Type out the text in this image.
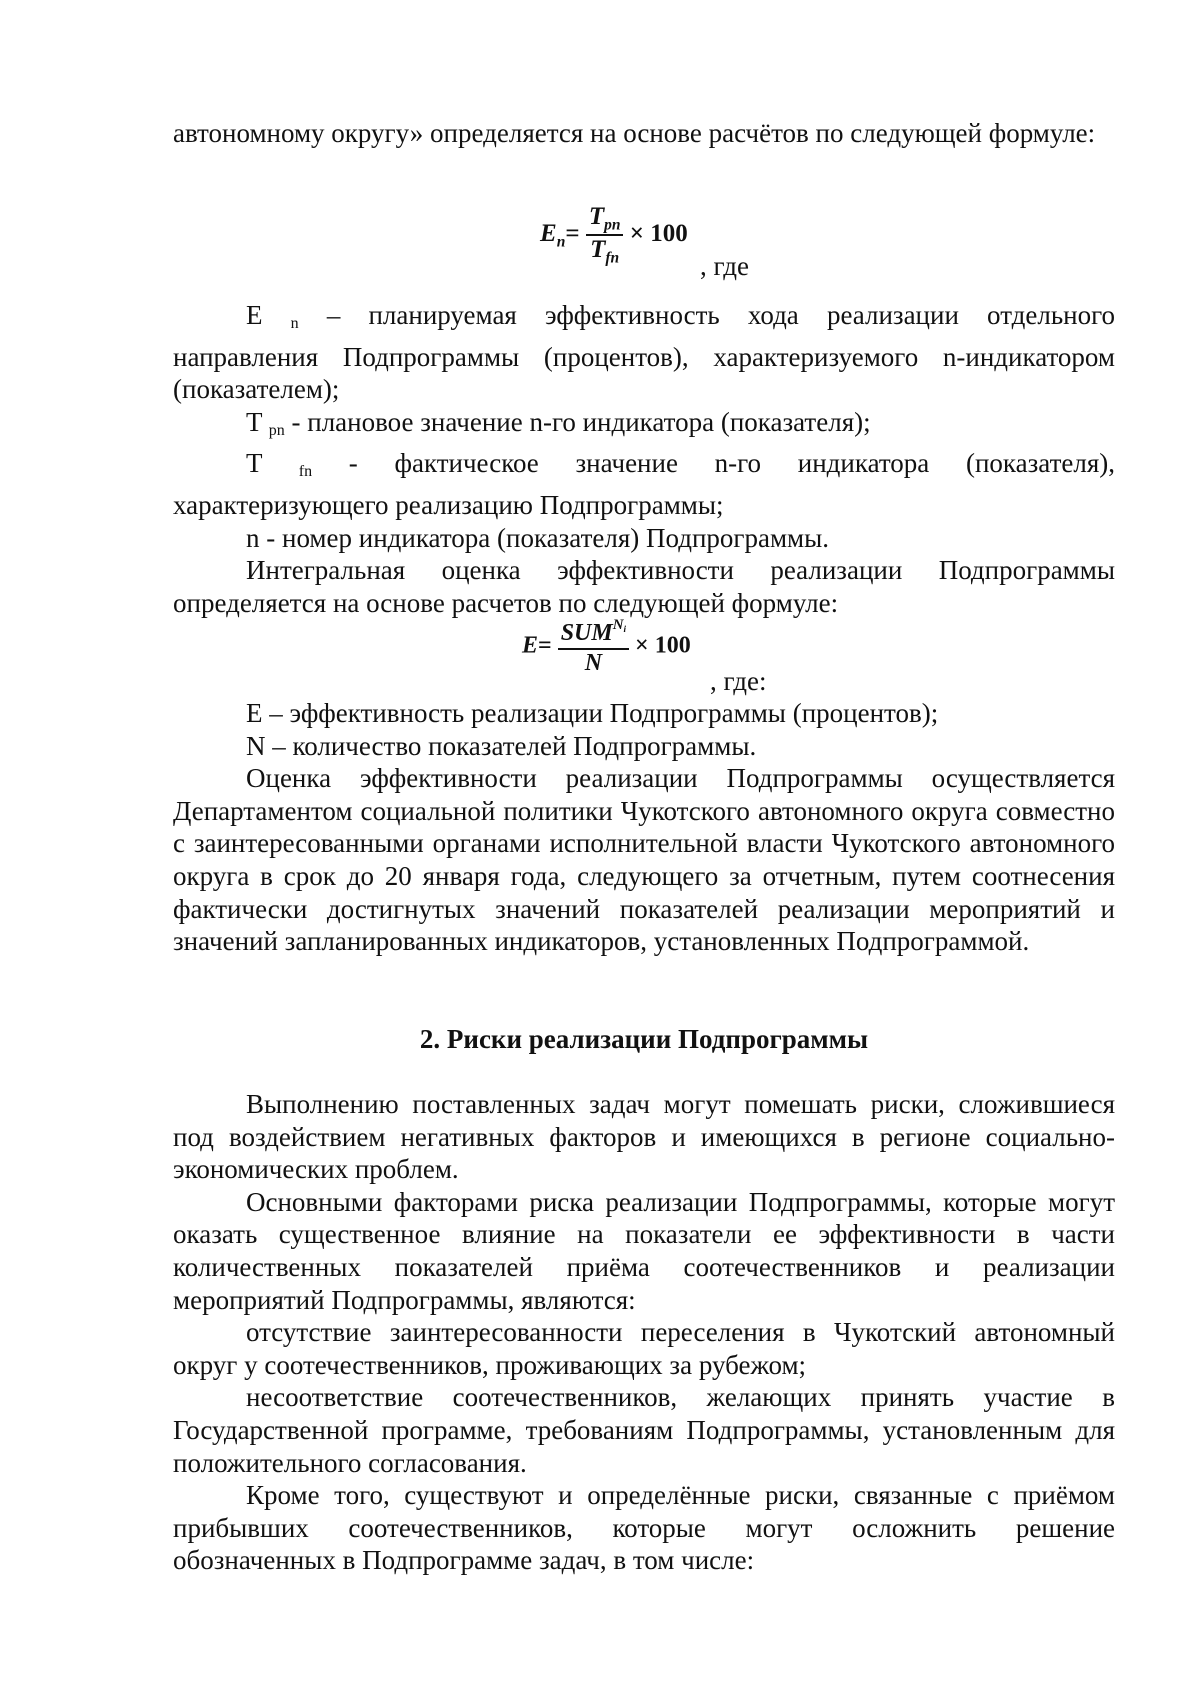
автономному округу» определяется на основе расчётов по следующей формуле:

$E_n= \frac{T_{pn}}{T_{fn}} \times 100$
, где

E n – планируемая эффективность хода реализации отдельного направления Подпрограммы (процентов), характеризуемого n-индикатором (показателем);

T pn - плановое значение n-го индикатора (показателя);

T fn - фактическое значение n-го индикатора (показателя), характеризующего реализацию Подпрограммы;

n - номер индикатора (показателя) Подпрограммы.

Интегральная оценка эффективности реализации Подпрограммы определяется на основе расчетов по следующей формуле:

$E= \frac{SUM^{N_i}}{N} \times 100$
, где:

E – эффективность реализации Подпрограммы (процентов);

N – количество показателей Подпрограммы.

Оценка эффективности реализации Подпрограммы осуществляется Департаментом социальной политики Чукотского автономного округа совместно с заинтересованными органами исполнительной власти Чукотского автономного округа в срок до 20 января года, следующего за отчетным, путем соотнесения фактически достигнутых значений показателей реализации мероприятий и значений запланированных индикаторов, установленных Подпрограммой.

2. Риски реализации Подпрограммы

Выполнению поставленных задач могут помешать риски, сложившиеся под воздействием негативных факторов и имеющихся в регионе социально-экономических проблем.

Основными факторами риска реализации Подпрограммы, которые могут оказать существенное влияние на показатели ее эффективности в части количественных показателей приёма соотечественников и реализации мероприятий Подпрограммы, являются:

отсутствие заинтересованности переселения в Чукотский автономный округ у соотечественников, проживающих за рубежом;

несоответствие соотечественников, желающих принять участие в Государственной программе, требованиям Подпрограммы, установленным для положительного согласования.

Кроме того, существуют и определённые риски, связанные с приёмом прибывших соотечественников, которые могут осложнить решение обозначенных в Подпрограмме задач, в том числе:
